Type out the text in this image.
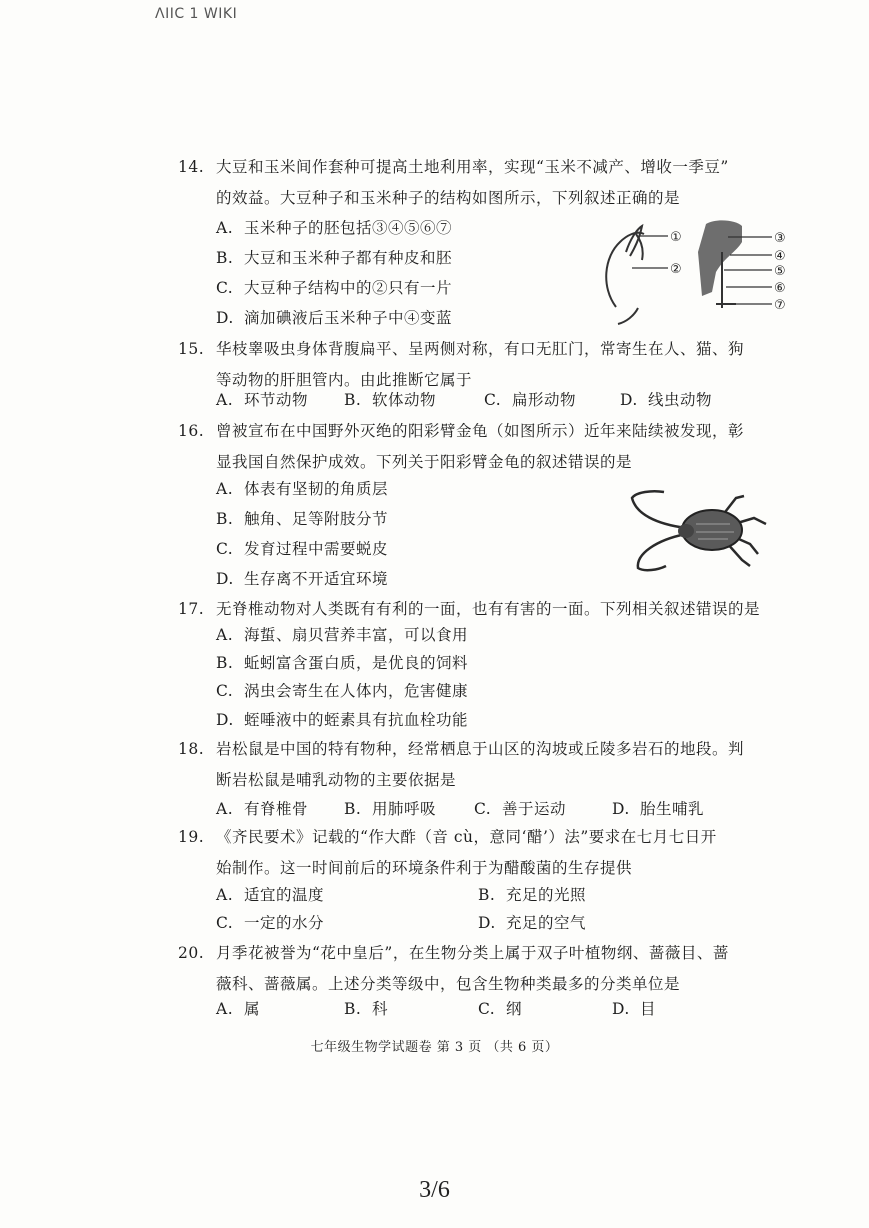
ΛIIC 1 WIKI
14. 大豆和玉米间作套种可提高土地利用率，实现“玉米不减产、增收一季豆”
的效益。大豆种子和玉米种子的结构如图所示，下列叙述正确的是
A. 玉米种子的胚包括③④⑤⑥⑦
B. 大豆和玉米种子都有种皮和胚
C. 大豆种子结构中的②只有一片
D. 滴加碘液后玉米种子中④变蓝
①
②
③
④
⑤
⑥
⑦
15. 华枝睾吸虫身体背腹扁平、呈两侧对称，有口无肛门，常寄生在人、猫、狗
等动物的肝胆管内。由此推断它属于
A. 环节动物 B. 软体动物	C. 扁形动物	D. 线虫动物
16. 曾被宣布在中国野外灭绝的阳彩臂金龟（如图所示）近年来陆续被发现，彰
显我国自然保护成效。下列关于阳彩臂金龟的叙述错误的是
A. 体表有坚韧的角质层
B. 触角、足等附肢分节
C. 发育过程中需要蜕皮
D. 生存离不开适宜环境
17. 无脊椎动物对人类既有有利的一面，也有有害的一面。下列相关叙述错误的是
A. 海蜇、扇贝营养丰富，可以食用
B. 蚯蚓富含蛋白质，是优良的饲料
C. 涡虫会寄生在人体内，危害健康
D. 蛭唾液中的蛭素具有抗血栓功能
18. 岩松鼠是中国的特有物种，经常栖息于山区的沟坡或丘陵多岩石的地段。判
断岩松鼠是哺乳动物的主要依据是
A. 有脊椎骨 B. 用肺呼吸 C. 善于运动	D. 胎生哺乳
19. 《齐民要术》记载的“作大酢（音 cù，意同‘醋’）法”要求在七月七日开
始制作。这一时间前后的环境条件利于为醋酸菌的生存提供
A. 适宜的温度	B. 充足的光照
C. 一定的水分	D. 充足的空气
20. 月季花被誉为“花中皇后”，在生物分类上属于双子叶植物纲、蔷薇目、蔷
薇科、蔷薇属。上述分类等级中，包含生物种类最多的分类单位是
A. 属	B. 科	C. 纲	D. 目
七年级生物学试题卷 第 3 页 （共 6 页）
3/6
